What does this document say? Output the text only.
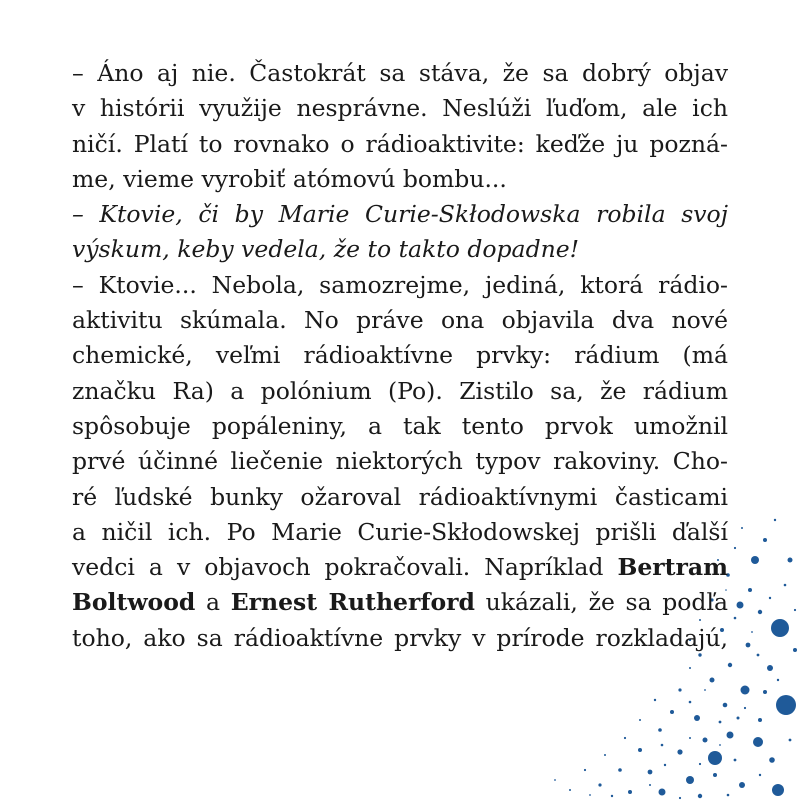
– Áno aj nie. Častokrát sa stáva, že sa dobrý objav
v histórii využije nesprávne. Neslúži ľuďom, ale ich
ničí. Platí to rovnako o rádioaktivite: keďže ju pozná-
me, vieme vyrobiť atómovú bombu...
– Ktovie, či by Marie Curie-Skłodowska robila svoj
výskum, keby vedela, že to takto dopadne!
– Ktovie... Nebola, samozrejme, jediná, ktorá rádio-
aktivitu skúmala. No práve ona objavila dva nové
chemické, veľmi rádioaktívne prvky: rádium (má
značku Ra) a polónium (Po). Zistilo sa, že rádium
spôsobuje popáleniny, a tak tento prvok umožnil
prvé účinné liečenie niektorých typov rakoviny. Cho-
ré ľudské bunky ožaroval rádioaktívnymi časticami
a ničil ich. Po Marie Curie-Skłodowskej prišli ďalší
vedci a v objavoch pokračovali. Napríklad Bertram
Boltwood a Ernest Rutherford ukázali, že sa podľa
toho, ako sa rádioaktívne prvky v prírode rozkladajú,
